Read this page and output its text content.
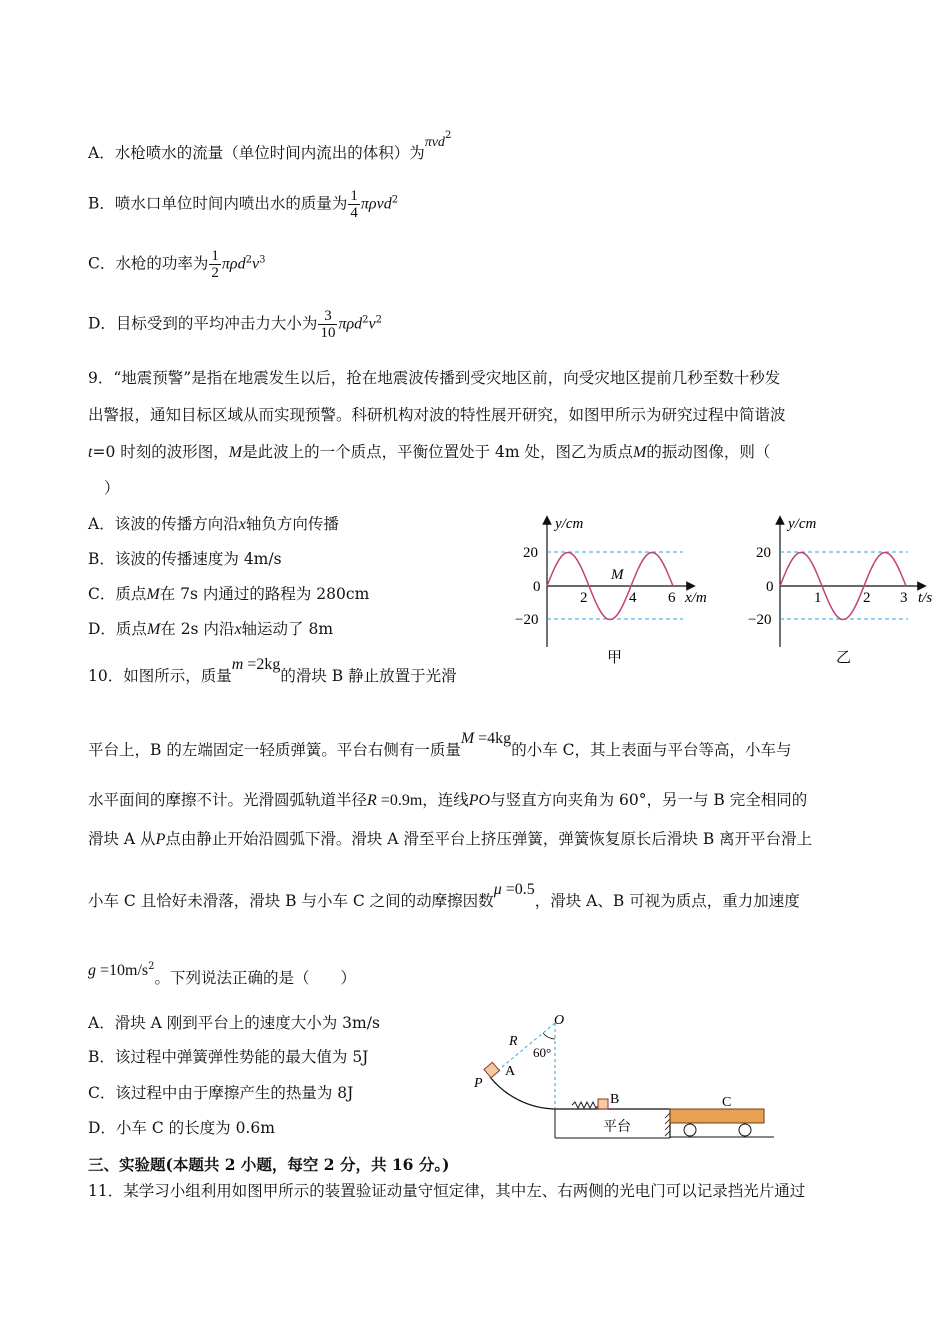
A．水枪喷水的流量（单位时间内流出的体积）为πvd$^2$
B．喷水口单位时间内喷出水的质量为 $\frac{1}{4} \pi\rho vd^2$
C．水枪的功率为 $\frac{1}{2} \pi\rho d^2v^3$
D．目标受到的平均冲击力大小为 $\frac{3}{10} \pi\rho d^2v^2$
9．“地震预警”是指在地震发生以后，抢在地震波传播到受灾地区前，向受灾地区提前几秒至数十秒发
出警报，通知目标区域从而实现预警。科研机构对波的特性展开研究，如图甲所示为研究过程中简谐波
t=0 时刻的波形图，M是此波上的一个质点，平衡位置处于 4m 处，图乙为质点M的振动图像，则（
）
A．该波的传播方向沿x轴负方向传播
B．该波的传播速度为 4m/s
C．质点M在 7s 内通过的路程为 280cm
D．质点M在 2s 内沿x轴运动了 8m
y/cm
x/m
20
0
−20
2	4 6
M
甲
y/cm
t/s
20
0
−20
1	2 3
乙
10．如图所示，质量m =2kg的滑块 B 静止放置于光滑
平台上，B 的左端固定一轻质弹簧。平台右侧有一质量M =4kg的小车 C，其上表面与平台等高，小车与
水平面间的摩擦不计。光滑圆弧轨道半径R =0.9m，连线PO与竖直方向夹角为 60°，另一与 B 完全相同的
滑块 A 从P点由静止开始沿圆弧下滑。滑块 A 滑至平台上挤压弹簧，弹簧恢复原长后滑块 B 离开平台滑上
小车 C 且恰好未滑落，滑块 B 与小车 C 之间的动摩擦因数μ =0.5，滑块 A、B 可视为质点，重力加速度
$g =10m/s^2$。下列说法正确的是（　　）
A．滑块 A 刚到平台上的速度大小为 3m/s
B．该过程中弹簧弹性势能的最大值为 5J
C．该过程中由于摩擦产生的热量为 8J
D．小车 C 的长度为 0.6m
O
R
60°
P
A
B	C
平台
三、实验题(本题共 2 小题，每空 2 分，共 16 分。)
11．某学习小组利用如图甲所示的装置验证动量守恒定律，其中左、右两侧的光电门可以记录挡光片通过
